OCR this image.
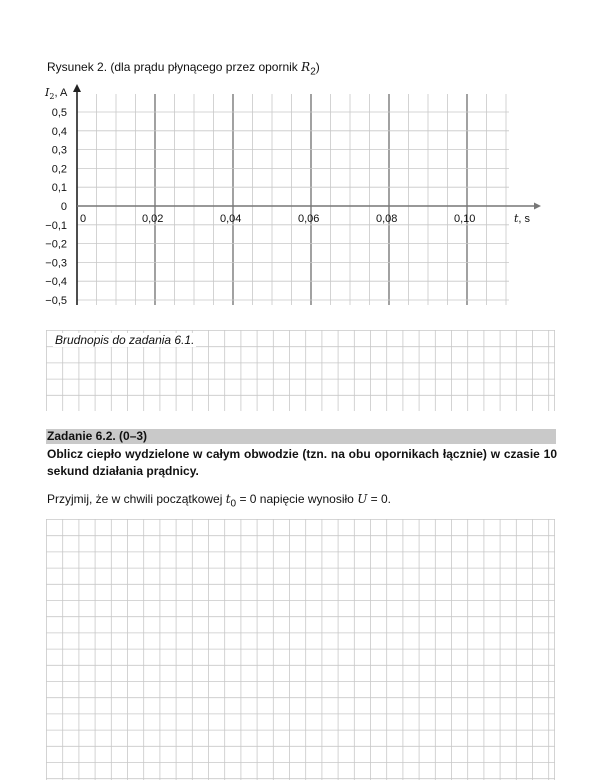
Rysunek 2. (dla prądu płynącego przez opornik $R_2$)
0	0,02	0,04	0,06	0,08	0,10
0,5
0,4
0,3
0,2
0,1
0
−0,1
−0,2
−0,3
−0,4
−0,5
$I_2$, A
t, s
Brudnopis do zadania 6.1.
Zadanie 6.2. (0–3)
Oblicz ciepło wydzielone w całym obwodzie (tzn. na obu opornikach łącznie) w czasie 10 sekund działania prądnicy.
Przyjmij, że w chwili początkowej $t_0 = 0$ napięcie wynosiło U = 0.
